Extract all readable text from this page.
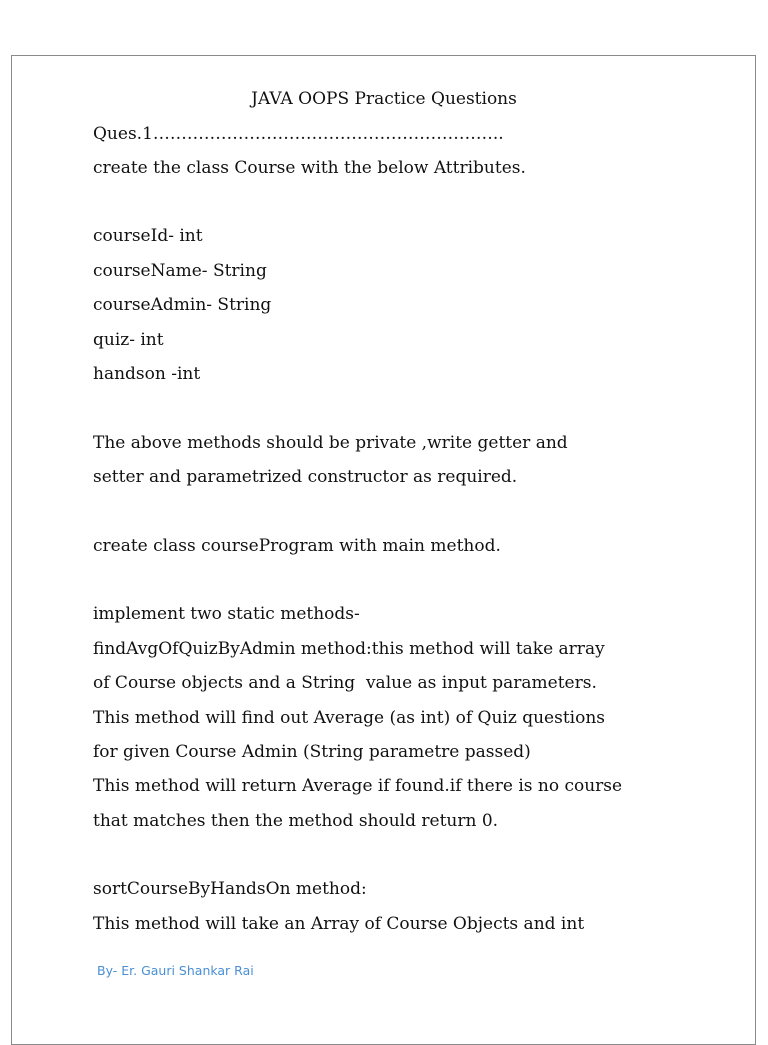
JAVA OOPS Practice Questions
Ques.1……………………………………………………..
create the class Course with the below Attributes.
courseId- int
courseName- String
courseAdmin- String
quiz- int
handson -int
The above methods should be private ,write getter and
setter and parametrized constructor as required.
create class courseProgram with main method.
implement two static methods-
findAvgOfQuizByAdmin method:this method will take array
of Course objects and a String  value as input parameters.
This method will find out Average (as int) of Quiz questions
for given Course Admin (String parametre passed)
This method will return Average if found.if there is no course
that matches then the method should return 0.
sortCourseByHandsOn method:
This method will take an Array of Course Objects and int
By- Er. Gauri Shankar Rai
